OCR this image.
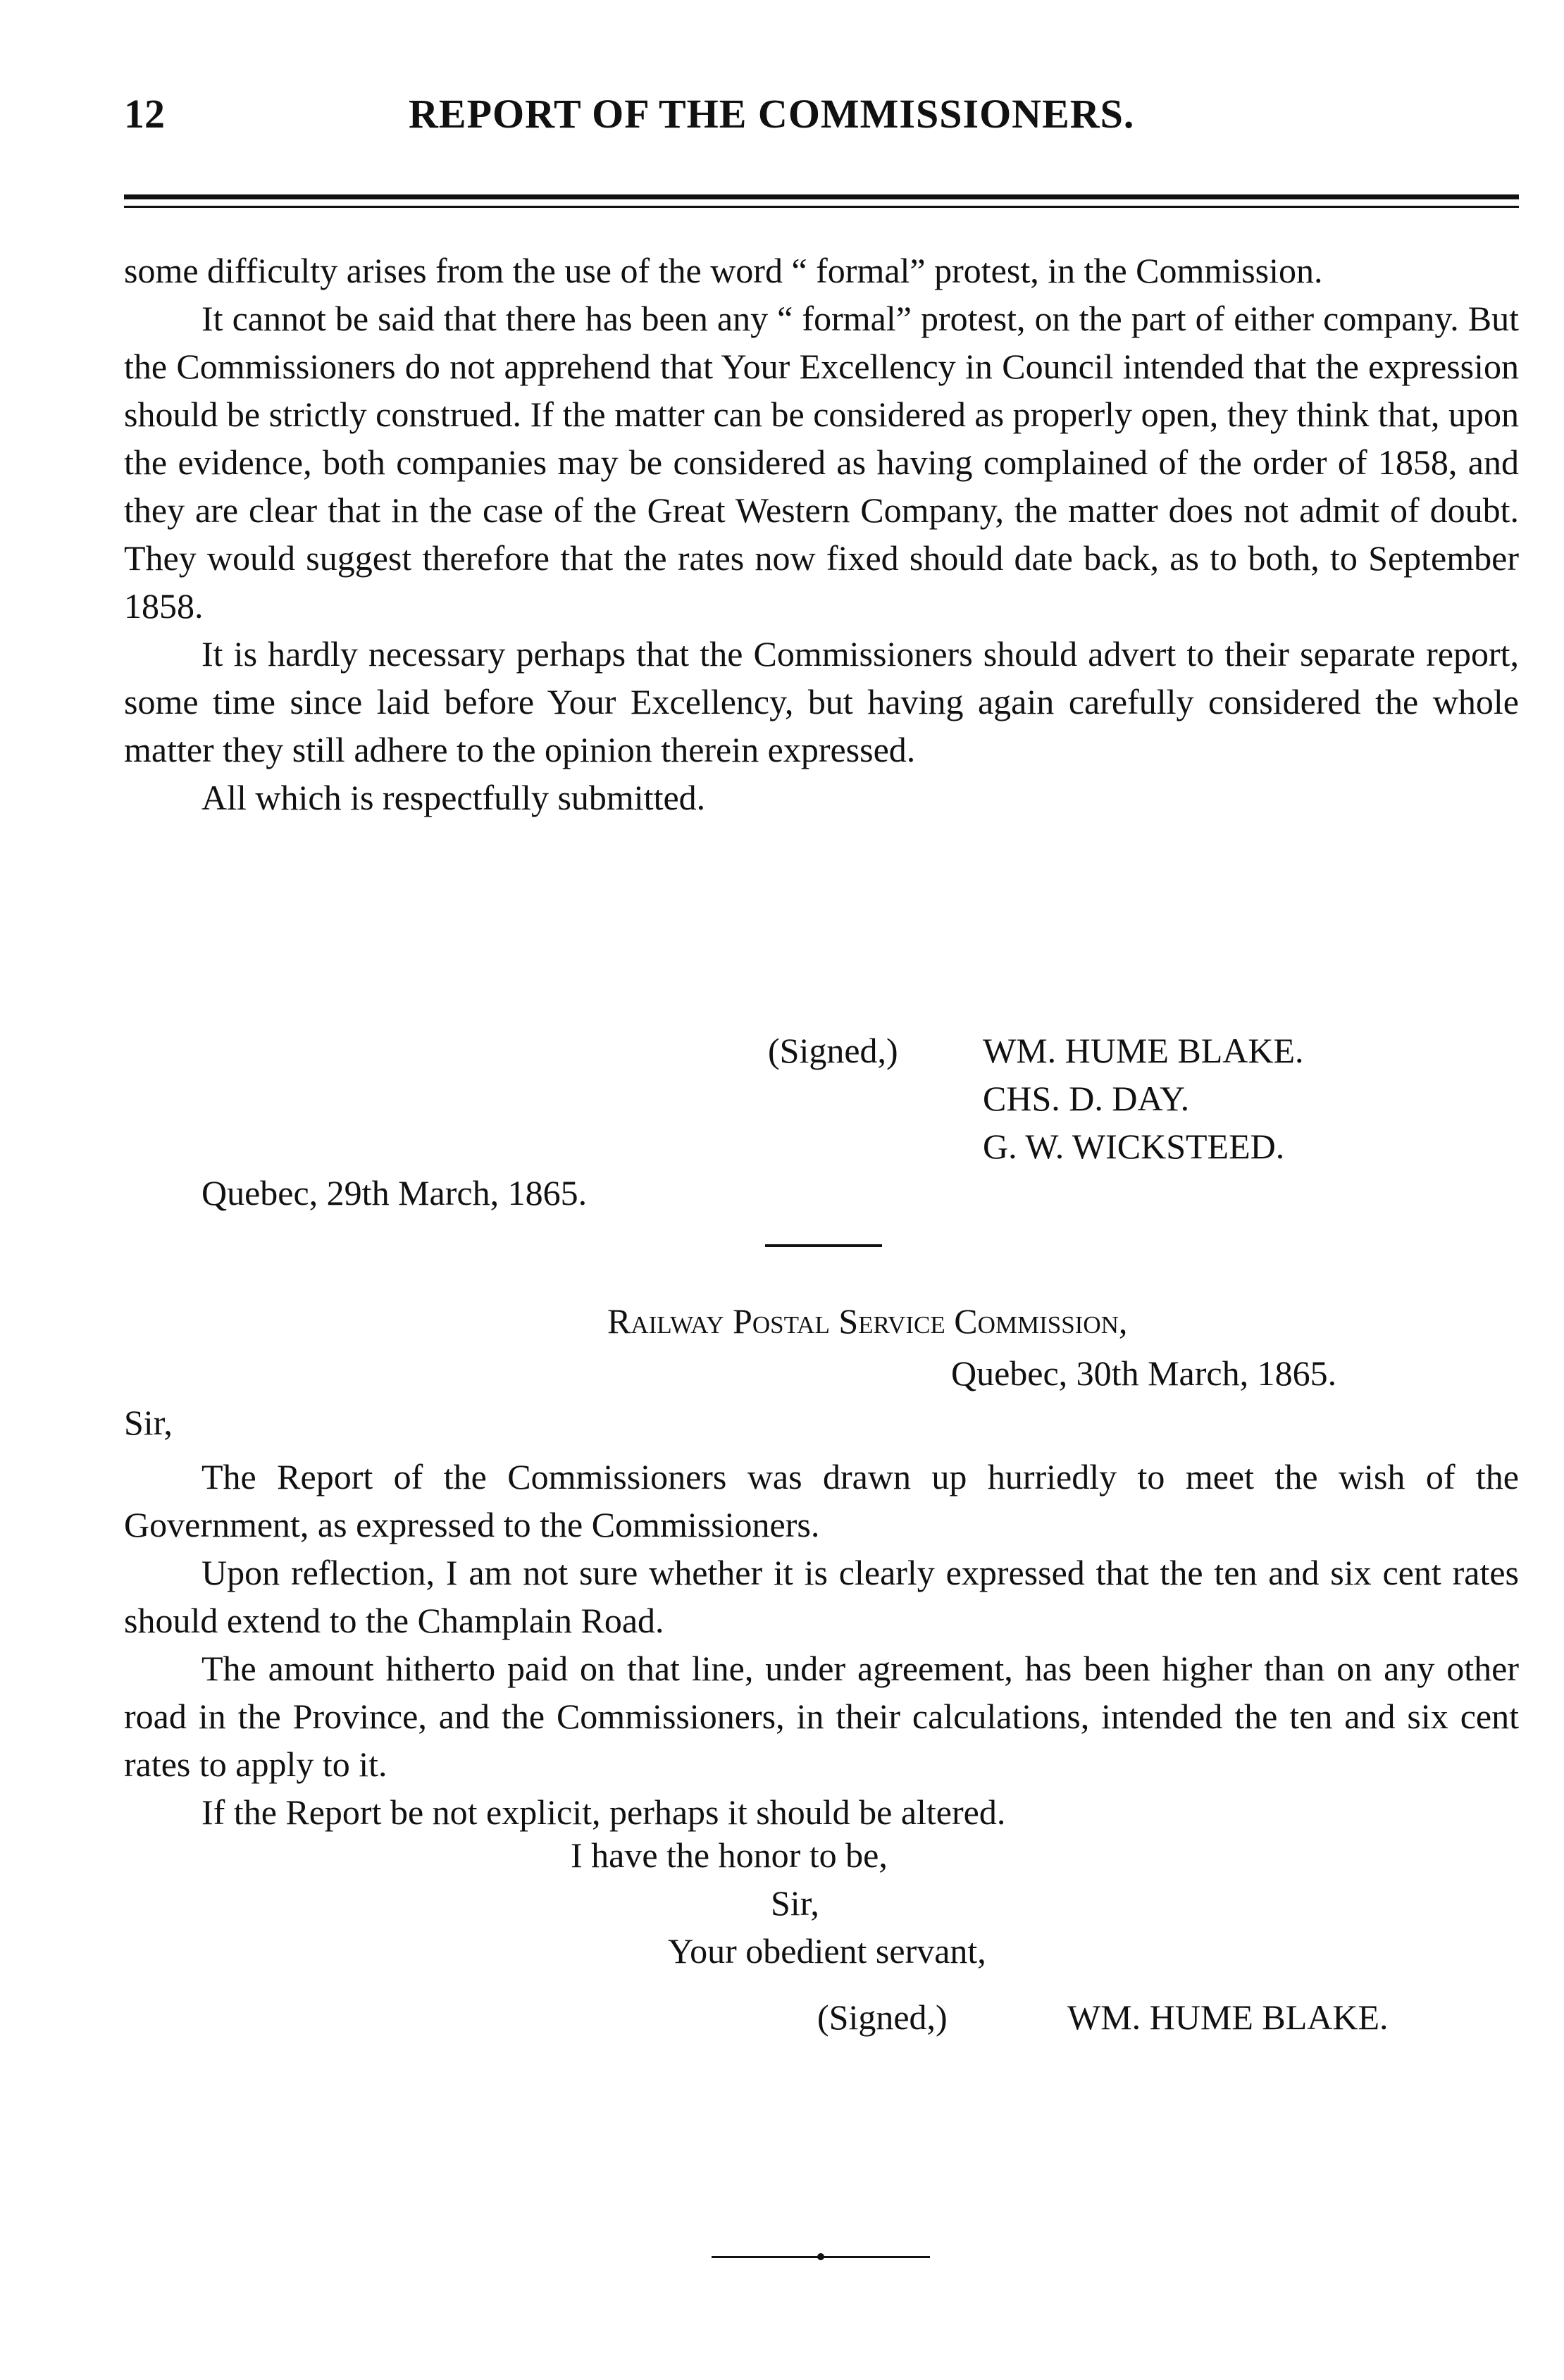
12	REPORT OF THE COMMISSIONERS.

some difficulty arises from the use of the word “ formal” protest, in the Commission.

It cannot be said that there has been any “ formal” protest, on the part of either company. But the Commissioners do not apprehend that Your Excellency in Council intended that the expression should be strictly construed. If the matter can be considered as properly open, they think that, upon the evidence, both companies may be considered as having complained of the order of 1858, and they are clear that in the case of the Great Western Company, the matter does not admit of doubt. They would suggest therefore that the rates now fixed should date back, as to both, to September 1858.

It is hardly necessary perhaps that the Commissioners should advert to their separate report, some time since laid before Your Excellency, but having again carefully considered the whole matter they still adhere to the opinion therein expressed.

All which is respectfully submitted.

(Signed,) WM. HUME BLAKE.
CHS. D. DAY.
G. W. WICKSTEED.
Quebec, 29th March, 1865.
Railway Postal Service Commission,
Quebec, 30th March, 1865.
Sir,

The Report of the Commissioners was drawn up hurriedly to meet the wish of the Government, as expressed to the Commissioners.

Upon reflection, I am not sure whether it is clearly expressed that the ten and six cent rates should extend to the Champlain Road.

The amount hitherto paid on that line, under agreement, has been higher than on any other road in the Province, and the Commissioners, in their calculations, intended the ten and six cent rates to apply to it.

If the Report be not explicit, perhaps it should be altered.

I have the honor to be,
Sir,
Your obedient servant,
(Signed,)	WM. HUME BLAKE.
